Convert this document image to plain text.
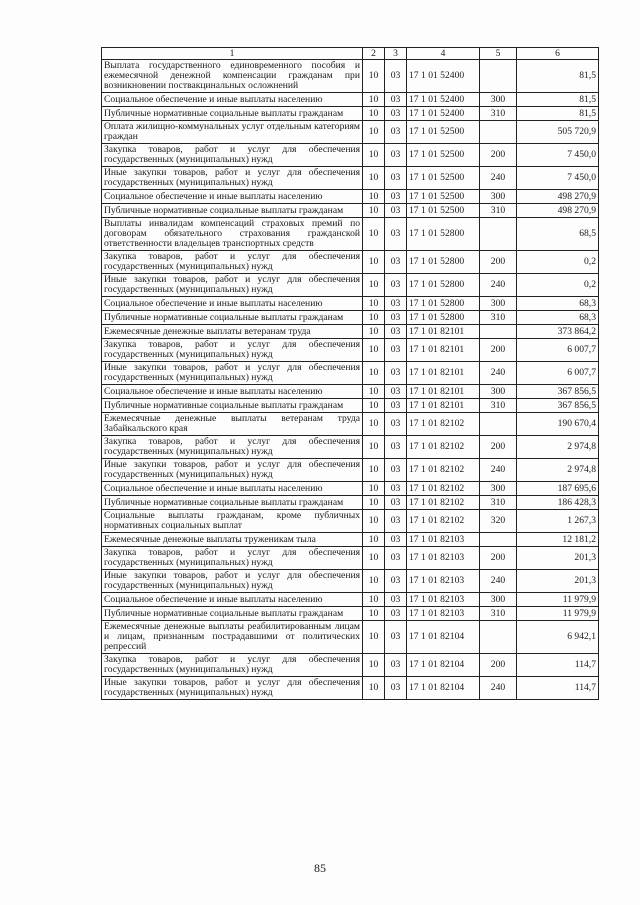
1	2	3	4	5	6
Выплата государственного единовременного пособия и ежемесячной денежной компенсации гражданам при возникновении поствакцинальных осложнений	10	03	17 1 01 52400		81,5
Социальное обеспечение и иные выплаты населению	10	03	17 1 01 52400	300	81,5
Публичные нормативные социальные выплаты гражданам	10	03	17 1 01 52400	310	81,5
Оплата жилищно-коммунальных услуг отдельным категориям граждан	10	03	17 1 01 52500		505 720,9
Закупка товаров, работ и услуг для обеспечения государственных (муниципальных) нужд	10	03	17 1 01 52500	200	7 450,0
Иные закупки товаров, работ и услуг для обеспечения государственных (муниципальных) нужд	10	03	17 1 01 52500	240	7 450,0
Социальное обеспечение и иные выплаты населению	10	03	17 1 01 52500	300	498 270,9
Публичные нормативные социальные выплаты гражданам	10	03	17 1 01 52500	310	498 270,9
Выплаты инвалидам компенсаций страховых премий по договорам обязательного страхования гражданской ответственности владельцев транспортных средств	10	03	17 1 01 52800		68,5
Закупка товаров, работ и услуг для обеспечения государственных (муниципальных) нужд	10	03	17 1 01 52800	200	0,2
Иные закупки товаров, работ и услуг для обеспечения государственных (муниципальных) нужд	10	03	17 1 01 52800	240	0,2
Социальное обеспечение и иные выплаты населению	10	03	17 1 01 52800	300	68,3
Публичные нормативные социальные выплаты гражданам	10	03	17 1 01 52800	310	68,3
Ежемесячные денежные выплаты ветеранам труда	10	03	17 1 01 82101		373 864,2
Закупка товаров, работ и услуг для обеспечения государственных (муниципальных) нужд	10	03	17 1 01 82101	200	6 007,7
Иные закупки товаров, работ и услуг для обеспечения государственных (муниципальных) нужд	10	03	17 1 01 82101	240	6 007,7
Социальное обеспечение и иные выплаты населению	10	03	17 1 01 82101	300	367 856,5
Публичные нормативные социальные выплаты гражданам	10	03	17 1 01 82101	310	367 856,5
Ежемесячные денежные выплаты ветеранам труда Забайкальского края	10	03	17 1 01 82102		190 670,4
Закупка товаров, работ и услуг для обеспечения государственных (муниципальных) нужд	10	03	17 1 01 82102	200	2 974,8
Иные закупки товаров, работ и услуг для обеспечения государственных (муниципальных) нужд	10	03	17 1 01 82102	240	2 974,8
Социальное обеспечение и иные выплаты населению	10	03	17 1 01 82102	300	187 695,6
Публичные нормативные социальные выплаты гражданам	10	03	17 1 01 82102	310	186 428,3
Социальные выплаты гражданам, кроме публичных нормативных социальных выплат	10	03	17 1 01 82102	320	1 267,3
Ежемесячные денежные выплаты труженикам тыла	10	03	17 1 01 82103		12 181,2
Закупка товаров, работ и услуг для обеспечения государственных (муниципальных) нужд	10	03	17 1 01 82103	200	201,3
Иные закупки товаров, работ и услуг для обеспечения государственных (муниципальных) нужд	10	03	17 1 01 82103	240	201,3
Социальное обеспечение и иные выплаты населению	10	03	17 1 01 82103	300	11 979,9
Публичные нормативные социальные выплаты гражданам	10	03	17 1 01 82103	310	11 979,9
Ежемесячные денежные выплаты реабилитированным лицам и лицам, признанным пострадавшими от политических репрессий	10	03	17 1 01 82104		6 942,1
Закупка товаров, работ и услуг для обеспечения государственных (муниципальных) нужд	10	03	17 1 01 82104	200	114,7
Иные закупки товаров, работ и услуг для обеспечения государственных (муниципальных) нужд	10	03	17 1 01 82104	240	114,7
85
